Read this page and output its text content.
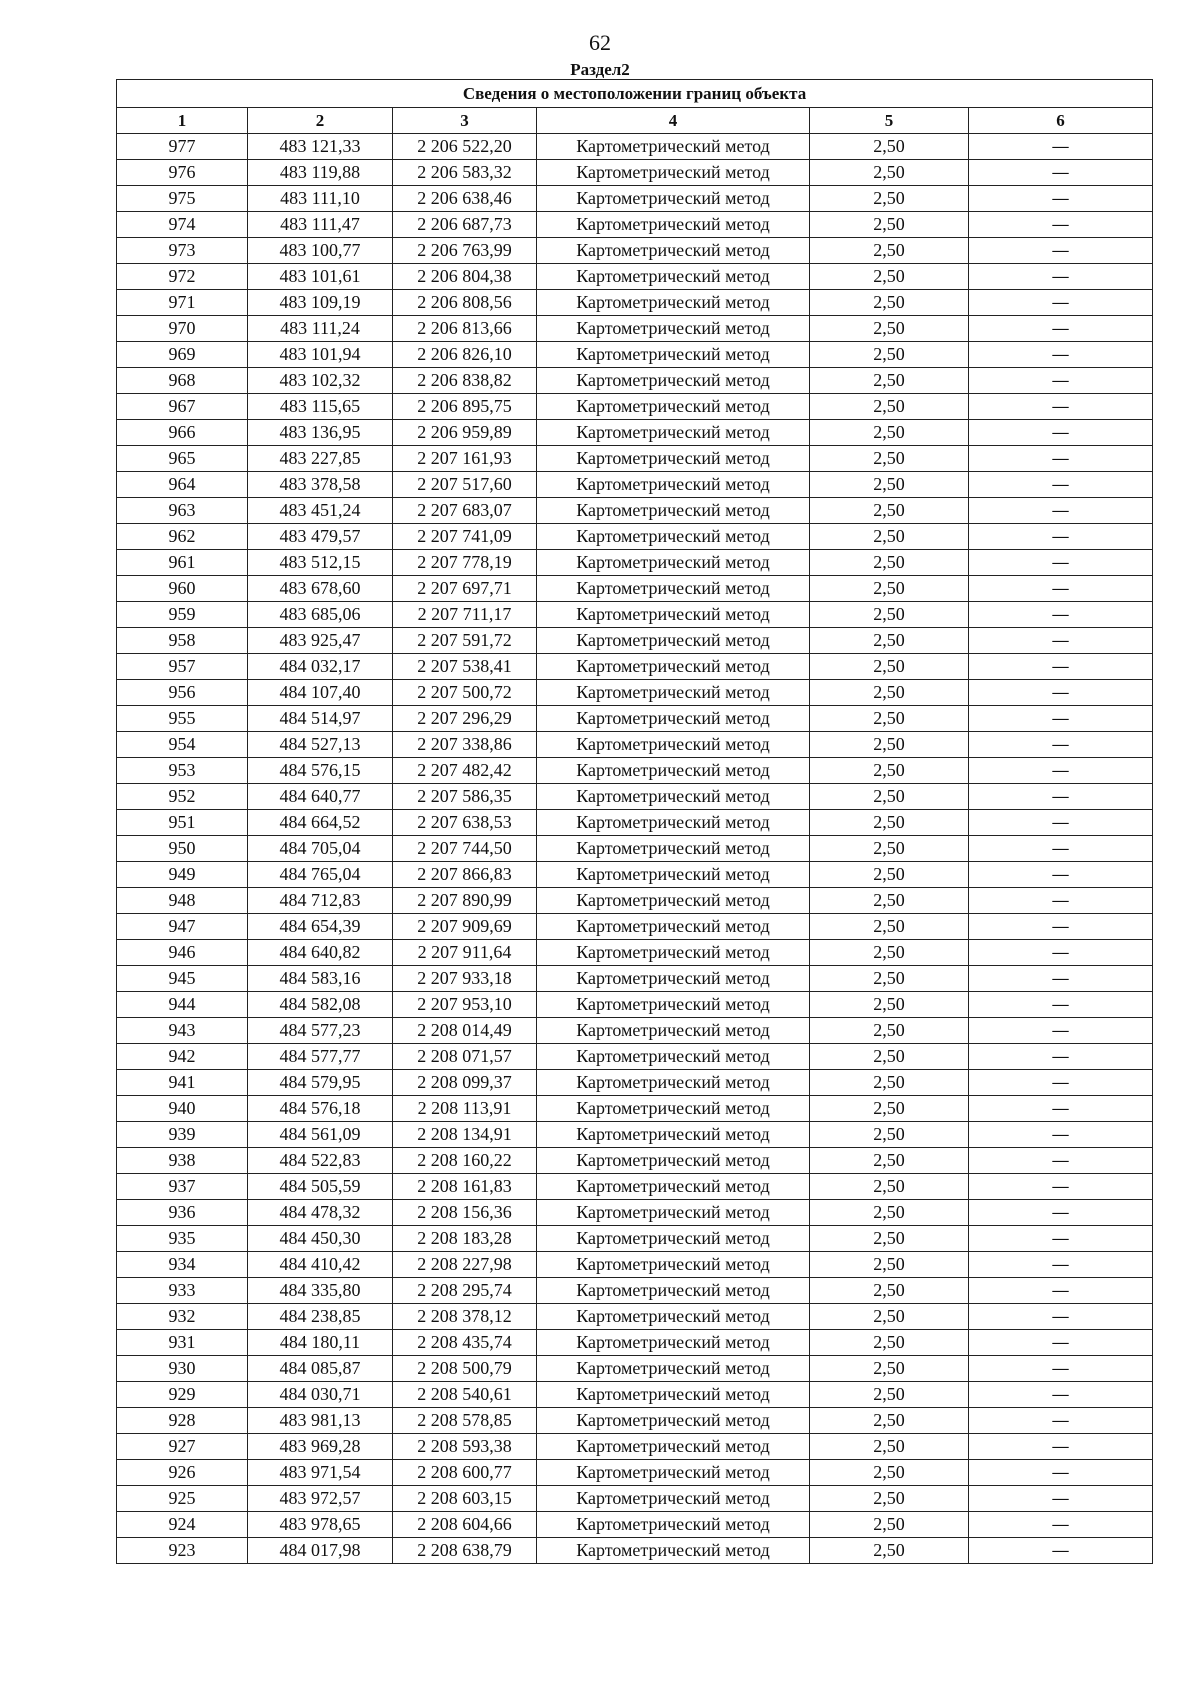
62
Раздел2
Сведения о местоположении границ объекта					
1	2	3	4	5	6
977	483 121,33	2 206 522,20	Картометрический метод	2,50	—
976	483 119,88	2 206 583,32	Картометрический метод	2,50	—
975	483 111,10	2 206 638,46	Картометрический метод	2,50	—
974	483 111,47	2 206 687,73	Картометрический метод	2,50	—
973	483 100,77	2 206 763,99	Картометрический метод	2,50	—
972	483 101,61	2 206 804,38	Картометрический метод	2,50	—
971	483 109,19	2 206 808,56	Картометрический метод	2,50	—
970	483 111,24	2 206 813,66	Картометрический метод	2,50	—
969	483 101,94	2 206 826,10	Картометрический метод	2,50	—
968	483 102,32	2 206 838,82	Картометрический метод	2,50	—
967	483 115,65	2 206 895,75	Картометрический метод	2,50	—
966	483 136,95	2 206 959,89	Картометрический метод	2,50	—
965	483 227,85	2 207 161,93	Картометрический метод	2,50	—
964	483 378,58	2 207 517,60	Картометрический метод	2,50	—
963	483 451,24	2 207 683,07	Картометрический метод	2,50	—
962	483 479,57	2 207 741,09	Картометрический метод	2,50	—
961	483 512,15	2 207 778,19	Картометрический метод	2,50	—
960	483 678,60	2 207 697,71	Картометрический метод	2,50	—
959	483 685,06	2 207 711,17	Картометрический метод	2,50	—
958	483 925,47	2 207 591,72	Картометрический метод	2,50	—
957	484 032,17	2 207 538,41	Картометрический метод	2,50	—
956	484 107,40	2 207 500,72	Картометрический метод	2,50	—
955	484 514,97	2 207 296,29	Картометрический метод	2,50	—
954	484 527,13	2 207 338,86	Картометрический метод	2,50	—
953	484 576,15	2 207 482,42	Картометрический метод	2,50	—
952	484 640,77	2 207 586,35	Картометрический метод	2,50	—
951	484 664,52	2 207 638,53	Картометрический метод	2,50	—
950	484 705,04	2 207 744,50	Картометрический метод	2,50	—
949	484 765,04	2 207 866,83	Картометрический метод	2,50	—
948	484 712,83	2 207 890,99	Картометрический метод	2,50	—
947	484 654,39	2 207 909,69	Картометрический метод	2,50	—
946	484 640,82	2 207 911,64	Картометрический метод	2,50	—
945	484 583,16	2 207 933,18	Картометрический метод	2,50	—
944	484 582,08	2 207 953,10	Картометрический метод	2,50	—
943	484 577,23	2 208 014,49	Картометрический метод	2,50	—
942	484 577,77	2 208 071,57	Картометрический метод	2,50	—
941	484 579,95	2 208 099,37	Картометрический метод	2,50	—
940	484 576,18	2 208 113,91	Картометрический метод	2,50	—
939	484 561,09	2 208 134,91	Картометрический метод	2,50	—
938	484 522,83	2 208 160,22	Картометрический метод	2,50	—
937	484 505,59	2 208 161,83	Картометрический метод	2,50	—
936	484 478,32	2 208 156,36	Картометрический метод	2,50	—
935	484 450,30	2 208 183,28	Картометрический метод	2,50	—
934	484 410,42	2 208 227,98	Картометрический метод	2,50	—
933	484 335,80	2 208 295,74	Картометрический метод	2,50	—
932	484 238,85	2 208 378,12	Картометрический метод	2,50	—
931	484 180,11	2 208 435,74	Картометрический метод	2,50	—
930	484 085,87	2 208 500,79	Картометрический метод	2,50	—
929	484 030,71	2 208 540,61	Картометрический метод	2,50	—
928	483 981,13	2 208 578,85	Картометрический метод	2,50	—
927	483 969,28	2 208 593,38	Картометрический метод	2,50	—
926	483 971,54	2 208 600,77	Картометрический метод	2,50	—
925	483 972,57	2 208 603,15	Картометрический метод	2,50	—
924	483 978,65	2 208 604,66	Картометрический метод	2,50	—
923	484 017,98	2 208 638,79	Картометрический метод	2,50	—
